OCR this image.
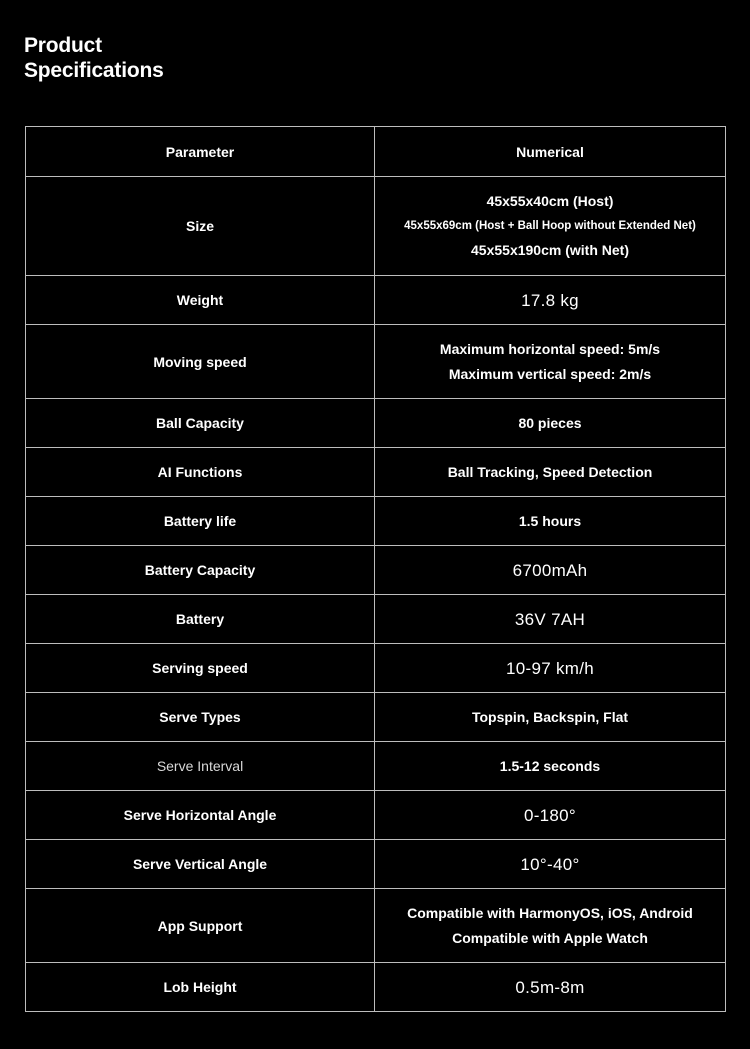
Product
Specifications
Parameter	Numerical
Size	45x55x40cm (Host)
45x55x69cm (Host + Ball Hoop without Extended Net)
45x55x190cm (with Net)

Weight	17.8 kg

Moving speed	Maximum horizontal speed: 5m/s
Maximum vertical speed: 2m/s

Ball Capacity	80 pieces

AI Functions	Ball Tracking, Speed Detection

Battery life	1.5 hours

Battery Capacity	6700mAh

Battery	36V 7AH

Serving speed	10-97 km/h

Serve Types	Topspin, Backspin, Flat

Serve Interval	1.5-12 seconds

Serve Horizontal Angle	0-180°

Serve Vertical Angle	10°-40°

App Support	Compatible with HarmonyOS, iOS, Android
Compatible with Apple Watch

Lob Height	0.5m-8m
